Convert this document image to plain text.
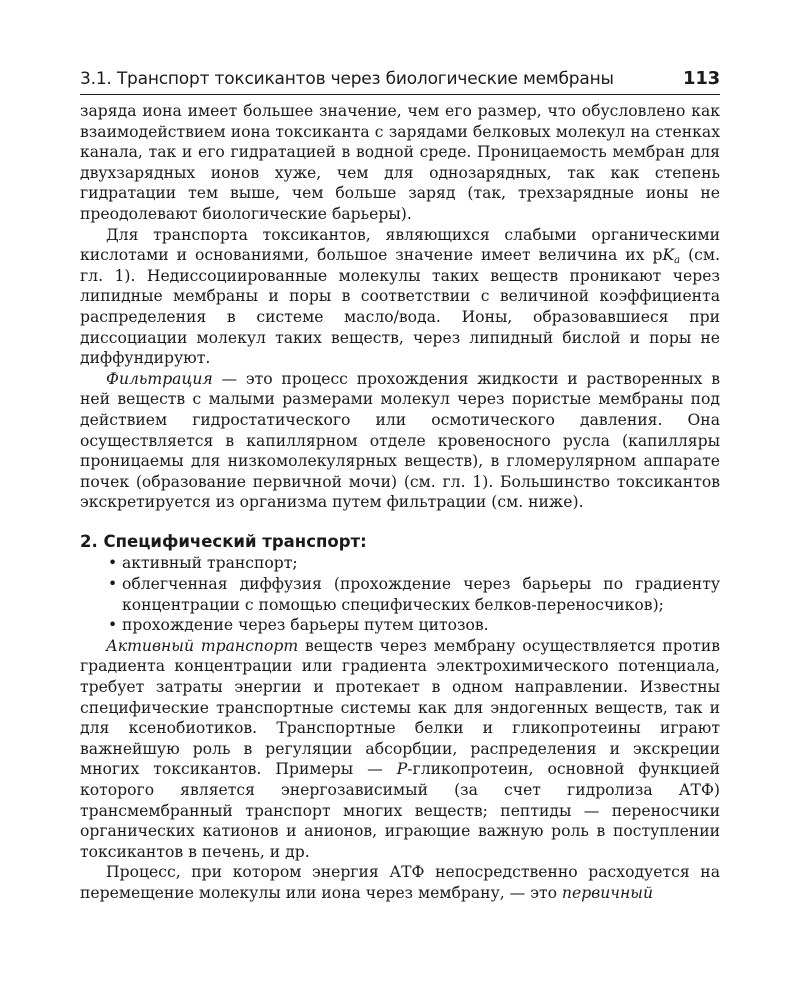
3.1. Транспорт токсикантов через биологические мембраны	113

заряда иона имеет большее значение, чем его размер, что обусловлено как взаимодействием иона токсиканта с зарядами белковых молекул на стенках канала, так и его гидратацией в водной среде. Проницаемость мембран для двухзарядных ионов хуже, чем для однозарядных, так как степень гидратации тем выше, чем больше заряд (так, трехзарядные ионы не преодолевают биологические барьеры).

Для транспорта токсикантов, являющихся слабыми органическими кислотами и основаниями, большое значение имеет величина их $pK_a$ (см. гл. 1). Недиссоциированные молекулы таких веществ проникают через липидные мембраны и поры в соответствии с величиной коэффициента распределения в системе масло/вода. Ионы, образовавшиеся при диссоциации молекул таких веществ, через липидный бислой и поры не диффундируют.

Фильтрация — это процесс прохождения жидкости и растворенных в ней веществ с малыми размерами молекул через пористые мембраны под действием гидростатического или осмотического давления. Она осуществляется в капиллярном отделе кровеносного русла (капилляры проницаемы для низкомолекулярных веществ), в гломерулярном аппарате почек (образование первичной мочи) (см. гл. 1). Большинство токсикантов экскретируется из организма путем фильтрации (см. ниже).

2. Специфический транспорт:
• активный транспорт;
• облегченная диффузия (прохождение через барьеры по градиенту концентрации с помощью специфических белков-переносчиков);
• прохождение через барьеры путем цитозов.

Активный транспорт веществ через мембрану осуществляется против градиента концентрации или градиента электрохимического потенциала, требует затраты энергии и протекает в одном направлении. Известны специфические транспортные системы как для эндогенных веществ, так и для ксенобиотиков. Транспортные белки и гликопротеины играют важнейшую роль в регуляции абсорбции, распределения и экскреции многих токсикантов. Примеры — P-гликопротеин, основной функцией которого является энергозависимый (за счет гидролиза АТФ) трансмембранный транспорт многих веществ; пептиды — переносчики органических катионов и анионов, играющие важную роль в поступлении токсикантов в печень, и др.

Процесс, при котором энергия АТФ непосредственно расходуется на перемещение молекулы или иона через мембрану, — это первичный
